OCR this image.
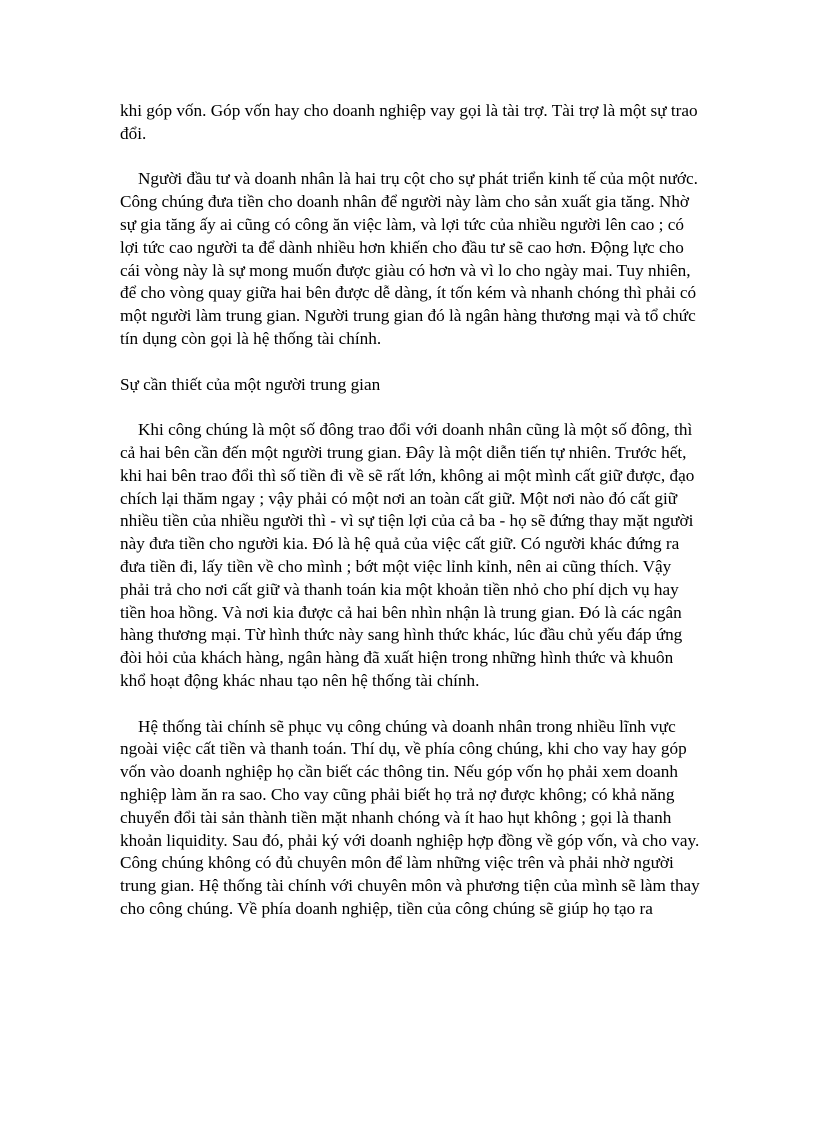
khi góp vốn. Góp vốn hay cho doanh nghiệp vay gọi là tài trợ. Tài trợ là một sự trao đổi.

Người đầu tư và doanh nhân là hai trụ cột cho sự phát triển kinh tế của một nước. Công chúng đưa tiền cho doanh nhân để người này làm cho sản xuất gia tăng. Nhờ sự gia tăng ấy ai cũng có công ăn việc làm, và lợi tức của nhiều người lên cao ; có lợi tức cao người ta để dành nhiều hơn khiến cho đầu tư sẽ cao hơn. Động lực cho cái vòng này là sự mong muốn được giàu có hơn và vì lo cho ngày mai. Tuy nhiên, để cho vòng quay giữa hai bên được dễ dàng, ít tốn kém và nhanh chóng thì phải có một người làm trung gian. Người trung gian đó là ngân hàng thương mại và tổ chức tín dụng còn gọi là hệ thống tài chính.

Sự cần thiết của một người trung gian

Khi công chúng là một số đông trao đổi với doanh nhân cũng là một số đông, thì cả hai bên cần đến một người trung gian. Đây là một diễn tiến tự nhiên. Trước hết, khi hai bên trao đổi thì số tiền đi về sẽ rất lớn, không ai một mình cất giữ được, đạo chích lại thăm ngay ; vậy phải có một nơi an toàn cất giữ. Một nơi nào đó cất giữ nhiều tiền của nhiều người thì - vì sự tiện lợi của cả ba - họ sẽ đứng thay mặt người này đưa tiền cho người kia. Đó là hệ quả của việc cất giữ. Có người khác đứng ra đưa tiền đi, lấy tiền về cho mình ; bớt một việc lỉnh kỉnh, nên ai cũng thích. Vậy phải trả cho nơi cất giữ và thanh toán kia một khoản tiền nhỏ cho phí dịch vụ hay tiền hoa hồng. Và nơi kia được cả hai bên nhìn nhận là trung gian. Đó là các ngân hàng thương mại. Từ hình thức này sang hình thức khác, lúc đầu chủ yếu đáp ứng đòi hỏi của khách hàng, ngân hàng đã xuất hiện trong những hình thức và khuôn khổ hoạt động khác nhau tạo nên hệ thống tài chính.

Hệ thống tài chính sẽ phục vụ công chúng và doanh nhân trong nhiều lĩnh vực ngoài việc cất tiền và thanh toán. Thí dụ, về phía công chúng, khi cho vay hay góp vốn vào doanh nghiệp họ cần biết các thông tin. Nếu góp vốn họ phải xem doanh nghiệp làm ăn ra sao. Cho vay cũng phải biết họ trả nợ được không; có khả năng chuyển đổi tài sản thành tiền mặt nhanh chóng và ít hao hụt không ; gọi là thanh khoản liquidity. Sau đó, phải ký với doanh nghiệp hợp đồng về góp vốn, và cho vay. Công chúng không có đủ chuyên môn để làm những việc trên và phải nhờ người trung gian. Hệ thống tài chính với chuyên môn và phương tiện của mình sẽ làm thay cho công chúng. Về phía doanh nghiệp, tiền của công chúng sẽ giúp họ tạo ra
